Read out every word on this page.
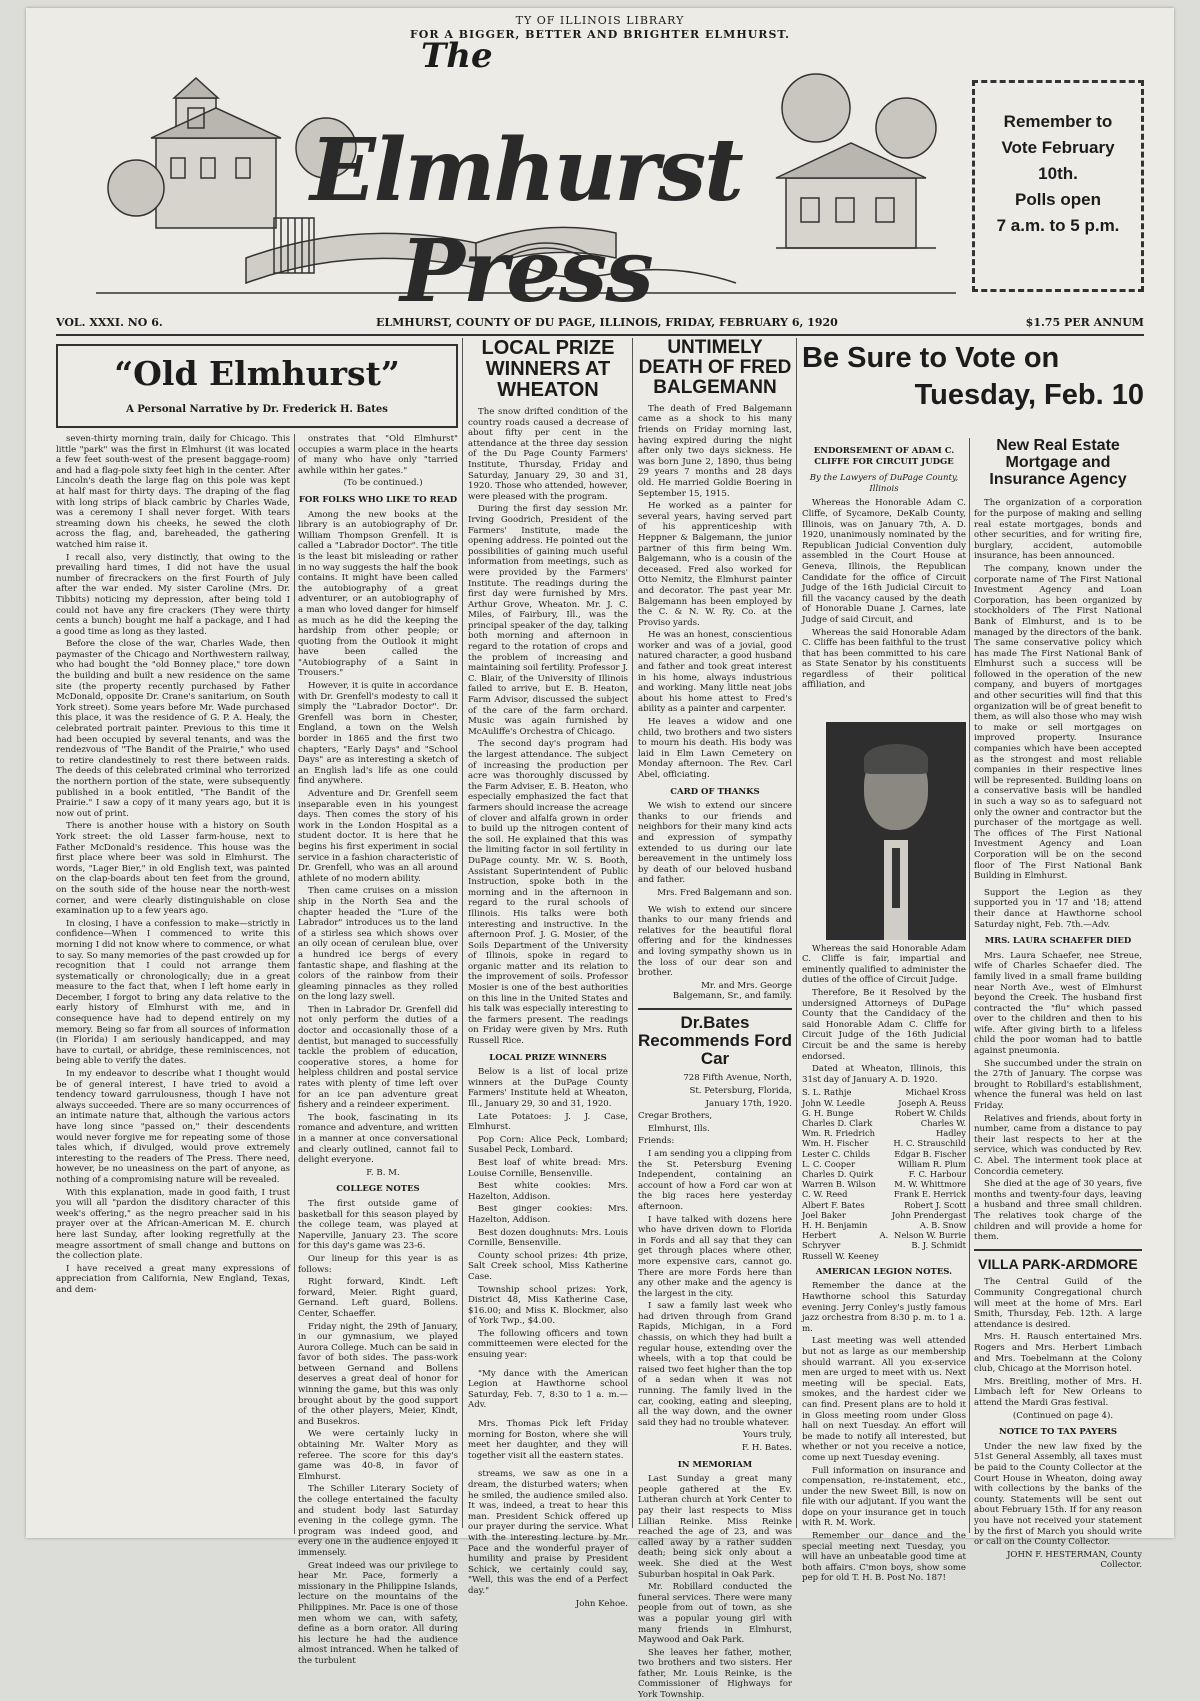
TY OF ILLINOIS LIBRARY
FOR A BIGGER, BETTER AND BRIGHTER ELMHURST.
The
Elmhurst Press
Remember to
Vote February
10th.
Polls open
7 a.m. to 5 p.m.
VOL. XXXI. NO 6.	ELMHURST, COUNTY OF DU PAGE, ILLINOIS, FRIDAY, FEBRUARY 6, 1920	$1.75 PER ANNUM
“Old Elmhurst”
A Personal Narrative by Dr. Frederick H. Bates

seven-thirty morning train, daily for Chicago. This little "park" was the first in Elmhurst (it was located a few feet south-west of the present baggage-room) and had a flag-pole sixty feet high in the center. After Lincoln's death the large flag on this pole was kept at half mast for thirty days. The draping of the flag with long strips of black cambric by Charles Wade, was a ceremony I shall never forget. With tears streaming down his cheeks, he sewed the cloth across the flag, and, bareheaded, the gathering watched him raise it.

I recall also, very distinctly, that owing to the prevailing hard times, I did not have the usual number of firecrackers on the first Fourth of July after the war ended. My sister Caroline (Mrs. Dr. Tibbits) noticing my depression, after being told I could not have any fire crackers (They were thirty cents a bunch) bought me half a package, and I had a good time as long as they lasted.

Before the close of the war, Charles Wade, then paymaster of the Chicago and Northwestern railway, who had bought the "old Bonney place," tore down the building and built a new residence on the same site (the property recently purchased by Father McDonald, opposite Dr. Crane's sanitarium, on South York street). Some years before Mr. Wade purchased this place, it was the residence of G. P. A. Healy, the celebrated portrait painter. Previous to this time it had been occupied by several tenants, and was the rendezvous of "The Bandit of the Prairie," who used to retire clandestinely to rest there between raids. The deeds of this celebrated criminal who terrorized the northern portion of the state, were subsequently published in a book entitled, "The Bandit of the Prairie." I saw a copy of it many years ago, but it is now out of print.

There is another house with a history on South York street: the old Lasser farm-house, next to Father McDonald's residence. This house was the first place where beer was sold in Elmhurst. The words, "Lager Bier," in old English text, was painted on the clap-boards about ten feet from the ground, on the south side of the house near the north-west corner, and were clearly distinguishable on close examination up to a few years ago.

In closing, I have a confession to make—strictly in confidence—When I commenced to write this morning I did not know where to commence, or what to say. So many memories of the past crowded up for recognition that I could not arrange them systematically or chronologically; due in a great measure to the fact that, when I left home early in December, I forgot to bring any data relative to the early history of Elmhurst with me, and in consequence have had to depend entirely on my memory. Being so far from all sources of information (in Florida) I am seriously handicapped, and may have to curtail, or abridge, these reminiscences, not being able to verify the dates.

In my endeavor to describe what I thought would be of general interest, I have tried to avoid a tendency toward garrulousness, though I have not always succeeded. There are so many occurrences of an intimate nature that, although the various actors have long since "passed on," their descendents would never forgive me for repeating some of those tales which, if divulged, would prove extremely interesting to the readers of The Press. There need, however, be no uneasiness on the part of anyone, as nothing of a compromising nature will be revealed.

With this explanation, made in good faith, I trust you will all "pardon the disditory character of this week's offering," as the negro preacher said in his prayer over at the African-American M. E. church here last Sunday, after looking regretfully at the meagre assortment of small change and buttons on the collection plate.

I have received a great many expressions of appreciation from California, New England, Texas, and dem-

onstrates that "Old Elmhurst" occupies a warm place in the hearts of many who have only "tarried awhile within her gates."

(To be continued.)

FOR FOLKS WHO LIKE TO READ

Among the new books at the library is an autobiography of Dr. William Thompson Grenfell. It is called a "Labrador Doctor". The title is the least bit misleading or rather in no way suggests the half the book contains. It might have been called the autobiography of a great adventurer, or an autobiography of a man who loved danger for himself as much as he did the keeping the hardship from other people; or quoting from the Outlook it might have been called the "Autobiography of a Saint in Trousers."

However, it is quite in accordance with Dr. Grenfell's modesty to call it simply the "Labrador Doctor". Dr. Grenfell was born in Chester, England, a town on the Welsh border in 1865 and the first two chapters, "Early Days" and "School Days" are as interesting a sketch of an English lad's life as one could find anywhere.

Adventure and Dr. Grenfell seem inseparable even in his youngest days. Then comes the story of his work in the London Hospital as a student doctor. It is here that he begins his first experiment in social service in a fashion characteristic of Dr. Grenfell, who was an all around athlete of no modern ability.

Then came cruises on a mission ship in the North Sea and the chapter headed the "Lure of the Labrador" introduces us to the land of a stirless sea which shows over an oily ocean of cerulean blue, over a hundred ice bergs of every fantastic shape, and flashing at the colors of the rainbow from their gleaming pinnacles as they rolled on the long lazy swell.

Then in Labrador Dr. Grenfell did not only perform the duties of a doctor and occasionally those of a dentist, but managed to successfully tackle the problem of education, cooperative stores, a home for helpless children and postal service rates with plenty of time left over for an ice pan adventure great fishery and a reindeer experiment.

The book, fascinating in its romance and adventure, and written in a manner at once conversational and clearly outlined, cannot fail to delight everyone.

F. B. M.

COLLEGE NOTES

The first outside game of basketball for this season played by the college team, was played at Naperville, January 23. The score for this day's game was 23-6.

Our lineup for this year is as follows:

Right forward, Kindt. Left forward, Meier. Right guard, Gernand. Left guard, Bollens. Center, Schaeffer.

Friday night, the 29th of January, in our gymnasium, we played Aurora College. Much can be said in favor of both sides. The pass-work between Gernand and Bollens deserves a great deal of honor for winning the game, but this was only brought about by the good support of the other players, Meier, Kindt, and Busekros.

We were certainly lucky in obtaining Mr. Walter Mory as referee. The score for this day's game was 40-8, in favor of Elmhurst.

The Schiller Literary Society of the college entertained the faculty and student body last Saturday evening in the college gymn. The program was indeed good, and every one in the audience enjoyed it immensely.

Great indeed was our privilege to hear Mr. Pace, formerly a missionary in the Philippine Islands, lecture on the mountains of the Philippines. Mr. Pace is one of those men whom we can, with safety, define as a born orator. All during his lecture he had the audience almost intranced. When he talked of the turbulent

LOCAL PRIZE WINNERS AT WHEATON

The snow drifted condition of the country roads caused a decrease of about fifty per cent in the attendance at the three day session of the Du Page County Farmers' Institute, Thursday, Friday and Saturday, January 29, 30 and 31, 1920. Those who attended, however, were pleased with the program.

During the first day session Mr. Irving Goodrich, President of the Farmers' Institute, made the opening address. He pointed out the possibilities of gaining much useful information from meetings, such as were provided by the Farmers' Institute. The readings during the first day were furnished by Mrs. Arthur Grove, Wheaton. Mr. J. C. Miles, of Fairbury, Ill., was the principal speaker of the day, talking both morning and afternoon in regard to the rotation of crops and the problem of increasing and maintaining soil fertility. Professor J. C. Blair, of the University of Illinois failed to arrive, but E. B. Heaton, Farm Advisor, discussed the subject of the care of the farm orchard. Music was again furnished by McAuliffe's Orchestra of Chicago.

The second day's program had the largest attendance. The subject of increasing the production per acre was thoroughly discussed by the Farm Adviser, E. B. Heaton, who especially emphasized the fact that farmers should increase the acreage of clover and alfalfa grown in order to build up the nitrogen content of the soil. He explained that this was the limiting factor in soil fertility in DuPage county. Mr. W. S. Booth, Assistant Superintendent of Public Instruction, spoke both in the morning and in the afternoon in regard to the rural schools of Illinois. His talks were both interesting and instructive. In the afternoon Prof. J. G. Mosier, of the Soils Department of the University of Illinois, spoke in regard to organic matter and its relation to the improvement of soils. Professor Mosier is one of the best authorities on this line in the United States and his talk was especially interesting to the farmers present. The readings on Friday were given by Mrs. Ruth Russell Rice.

LOCAL PRIZE WINNERS

Below is a list of local prize winners at the DuPage County Farmers' Institute held at Wheaton, Ill., January 29, 30 and 31, 1920.

Late Potatoes: J. J. Case, Elmhurst.

Pop Corn: Alice Peck, Lombard; Susabel Peck, Lombard.

Best loaf of white bread: Mrs. Louise Cornille, Bensenville.

Best white cookies: Mrs. Hazelton, Addison.

Best ginger cookies: Mrs. Hazelton, Addison.

Best dozen doughnuts: Mrs. Louis Cornille, Bensenville.

County school prizes: 4th prize, Salt Creek school, Miss Katherine Case.

Township school prizes: York, District 48, Miss Katherine Case, $16.00; and Miss K. Blockmer, also of York Twp., $4.00.

The following officers and town committeemen were elected for the ensuing year:

"My dance with the American Legion at Hawthorne school Saturday, Feb. 7, 8:30 to 1 a. m.—Adv.

Mrs. Thomas Pick left Friday morning for Boston, where she will meet her daughter, and they will together visit all the eastern states.

streams, we saw as one in a dream, the disturbed waters; when he smiled, the audience smiled also. It was, indeed, a treat to hear this man. President Schick offered up our prayer during the service. What with the interesting lecture by Mr. Pace and the wonderful prayer of humility and praise by President Schick, we certainly could say, "Well, this was the end of a Perfect day."

John Kehoe.

UNTIMELY DEATH OF FRED BALGEMANN

The death of Fred Balgemann came as a shock to his many friends on Friday morning last, having expired during the night after only two days sickness. He was born June 2, 1890, thus being 29 years 7 months and 28 days old. He married Goldie Boering in September 15, 1915.

He worked as a painter for several years, having served part of his apprenticeship with Heppner & Balgemann, the junior partner of this firm being Wm. Balgemann, who is a cousin of the deceased. Fred also worked for Otto Nemitz, the Elmhurst painter and decorator. The past year Mr. Balgemann has been employed by the C. & N. W. Ry. Co. at the Proviso yards.

He was an honest, conscientious worker and was of a jovial, good natured character, a good husband and father and took great interest in his home, always industrious and working. Many little neat jobs about his home attest to Fred's ability as a painter and carpenter.

He leaves a widow and one child, two brothers and two sisters to mourn his death. His body was laid in Elm Lawn Cemetery on Monday afternoon. The Rev. Carl Abel, officiating.

CARD OF THANKS

We wish to extend our sincere thanks to our friends and neighbors for their many kind acts and expression of sympathy extended to us during our late bereavement in the untimely loss by death of our beloved husband and father.

Mrs. Fred Balgemann and son.

We wish to extend our sincere thanks to our many friends and relatives for the beautiful floral offering and for the kindnesses and loving sympathy shown us in the loss of our dear son and brother.

Mr. and Mrs. George Balgemann, Sr., and family.

Dr.Bates Recommends Ford Car

728 Fifth Avenue, North,

St. Petersburg, Florida,

January 17th, 1920.

Cregar Brothers,

Elmhurst, Ills.

Friends:

I am sending you a clipping from the St. Petersburg Evening Independent, containing an account of how a Ford car won at the big races here yesterday afternoon.

I have talked with dozens here who have driven down to Florida in Fords and all say that they can get through places where other, more expensive cars, cannot go. There are more Fords here than any other make and the agency is the largest in the city.

I saw a family last week who had driven through from Grand Rapids, Michigan, in a Ford chassis, on which they had built a regular house, extending over the wheels, with a top that could be raised two feet higher than the top of a sedan when it was not running. The family lived in the car, cooking, eating and sleeping, all the way down, and the owner said they had no trouble whatever.

Yours truly,

F. H. Bates.

IN MEMORIAM

Last Sunday a great many people gathered at the Ev. Lutheran church at York Center to pay their last respects to Miss Lillian Reinke. Miss Reinke reached the age of 23, and was called away by a rather sudden death; being sick only about a week. She died at the West Suburban hospital in Oak Park.

Mr. Robillard conducted the funeral services. There were many people from out of town, as she was a popular young girl with many friends in Elmhurst, Maywood and Oak Park.

She leaves her father, mother, two brothers and two sisters. Her father, Mr. Louis Reinke, is the Commissioner of Highways for York Township.

Be Sure to Vote on
Tuesday, Feb. 10
ENDORSEMENT OF ADAM C. CLIFFE FOR CIRCUIT JUDGE
By the Lawyers of DuPage County, Illinois

Whereas the Honorable Adam C. Cliffe, of Sycamore, DeKalb County, Illinois, was on January 7th, A. D. 1920, unanimously nominated by the Republican Judicial Convention duly assembled in the Court House at Geneva, Illinois, the Republican Candidate for the office of Circuit Judge of the 16th Judicial Circuit to fill the vacancy caused by the death of Honorable Duane J. Carnes, late Judge of said Circuit, and

Whereas the said Honorable Adam C. Cliffe has been faithful to the trust that has been committed to his care as State Senator by his constituents regardless of their political affiliation, and

Whereas the said Honorable Adam C. Cliffe is fair, impartial and eminently qualified to administer the duties of the office of Circuit Judge.

Therefore, Be it Resolved by the undersigned Attorneys of DuPage County that the Candidacy of the said Honorable Adam C. Cliffe for Circuit Judge of the 16th Judicial Circuit be and the same is hereby endorsed.

Dated at Wheaton, Illinois, this 31st day of January A. D. 1920.

S. L. Rathje
John W. Leedle
G. H. Bunge
Charles D. Clark
Wm. R. Friedrich
Wm. H. Fischer
Lester C. Childs
L. C. Cooper
Charles D. Quirk
Warren B. Wilson
C. W. Reed
Albert F. Bates
Joel Baker
H. H. Benjamin
Herbert A. Schryver
Russell W. Keeney
Michael Kross
Joseph A. Reuss
Robert W. Childs
Charles W. Hadley
H. C. Strauschild
Edgar B. Fischer
William R. Plum
F. C. Harbour
M. W. Whittmore
Frank E. Herrick
Robert J. Scott
John Prendergast
A. B. Snow
Nelson W. Burrie
B. J. Schmidt
AMERICAN LEGION NOTES.

Remember the dance at the Hawthorne school this Saturday evening. Jerry Conley's justly famous jazz orchestra from 8:30 p. m. to 1 a. m.

Last meeting was well attended but not as large as our membership should warrant. All you ex-service men are urged to meet with us. Next meeting will be special. Eats, smokes, and the hardest cider we can find. Present plans are to hold it in Gloss meeting room under Gloss hall on next Tuesday. An effort will be made to notify all interested, but whether or not you receive a notice, come up next Tuesday evening.

Full information on insurance and compensation, re-instatement, etc., under the new Sweet Bill, is now on file with our adjutant. If you want the dope on your insurance get in touch with R. M. Work.

Remember our dance and the special meeting next Tuesday, you will have an unbeatable good time at both affairs. C'mon boys, show some pep for old T. H. B. Post No. 187!

New Real Estate Mortgage and Insurance Agency

The organization of a corporation for the purpose of making and selling real estate mortgages, bonds and other securities, and for writing fire, burglary, accident, automobile insurance, has been announced.

The company, known under the corporate name of The First National Investment Agency and Loan Corporation, has been organized by stockholders of The First National Bank of Elmhurst, and is to be managed by the directors of the bank. The same conservative policy which has made The First National Bank of Elmhurst such a success will be followed in the operation of the new company, and buyers of mortgages and other securities will find that this organization will be of great benefit to them, as will also those who may wish to make or sell mortgages on improved property. Insurance companies which have been accepted as the strongest and most reliable companies in their respective lines will be represented. Building loans on a conservative basis will be handled in such a way so as to safeguard not only the owner and contractor but the purchaser of the mortgage as well. The offices of The First National Investment Agency and Loan Corporation will be on the second floor of The First National Bank Building in Elmhurst.

Support the Legion as they supported you in '17 and '18; attend their dance at Hawthorne school Saturday night, Feb. 7th.—Adv.

MRS. LAURA SCHAEFER DIED

Mrs. Laura Schaefer, nee Streue, wife of Charles Schaefer died. The family lived in a small frame building near North Ave., west of Elmhurst beyond the Creek. The husband first contracted the "flu" which passed over to the children and then to his wife. After giving birth to a lifeless child the poor woman had to battle against pneumonia.

She succumbed under the strain on the 27th of January. The corpse was brought to Robillard's establishment, whence the funeral was held on last Friday.

Relatives and friends, about forty in number, came from a distance to pay their last respects to her at the service, which was conducted by Rev. C. Abel. The interment took place at Concordia cemetery.

She died at the age of 30 years, five months and twenty-four days, leaving a husband and three small children. The relatives took charge of the children and will provide a home for them.

VILLA PARK-ARDMORE

The Central Guild of the Community Congregational church will meet at the home of Mrs. Earl Smith, Thursday, Feb. 12th. A large attendance is desired.

Mrs. H. Rausch entertained Mrs. Rogers and Mrs. Herbert Limbach and Mrs. Toebelmann at the Colony club, Chicago at the Morrison hotel.

Mrs. Breitling, mother of Mrs. H. Limbach left for New Orleans to attend the Mardi Gras festival.

(Continued on page 4).

NOTICE TO TAX PAYERS

Under the new law fixed by the 51st General Assembly, all taxes must be paid to the County Collector at the Court House in Wheaton, doing away with collections by the banks of the county. Statements will be sent out about February 15th. If for any reason you have not received your statement by the first of March you should write or call on the County Collector.

JOHN F. HESTERMAN, County Collector.
